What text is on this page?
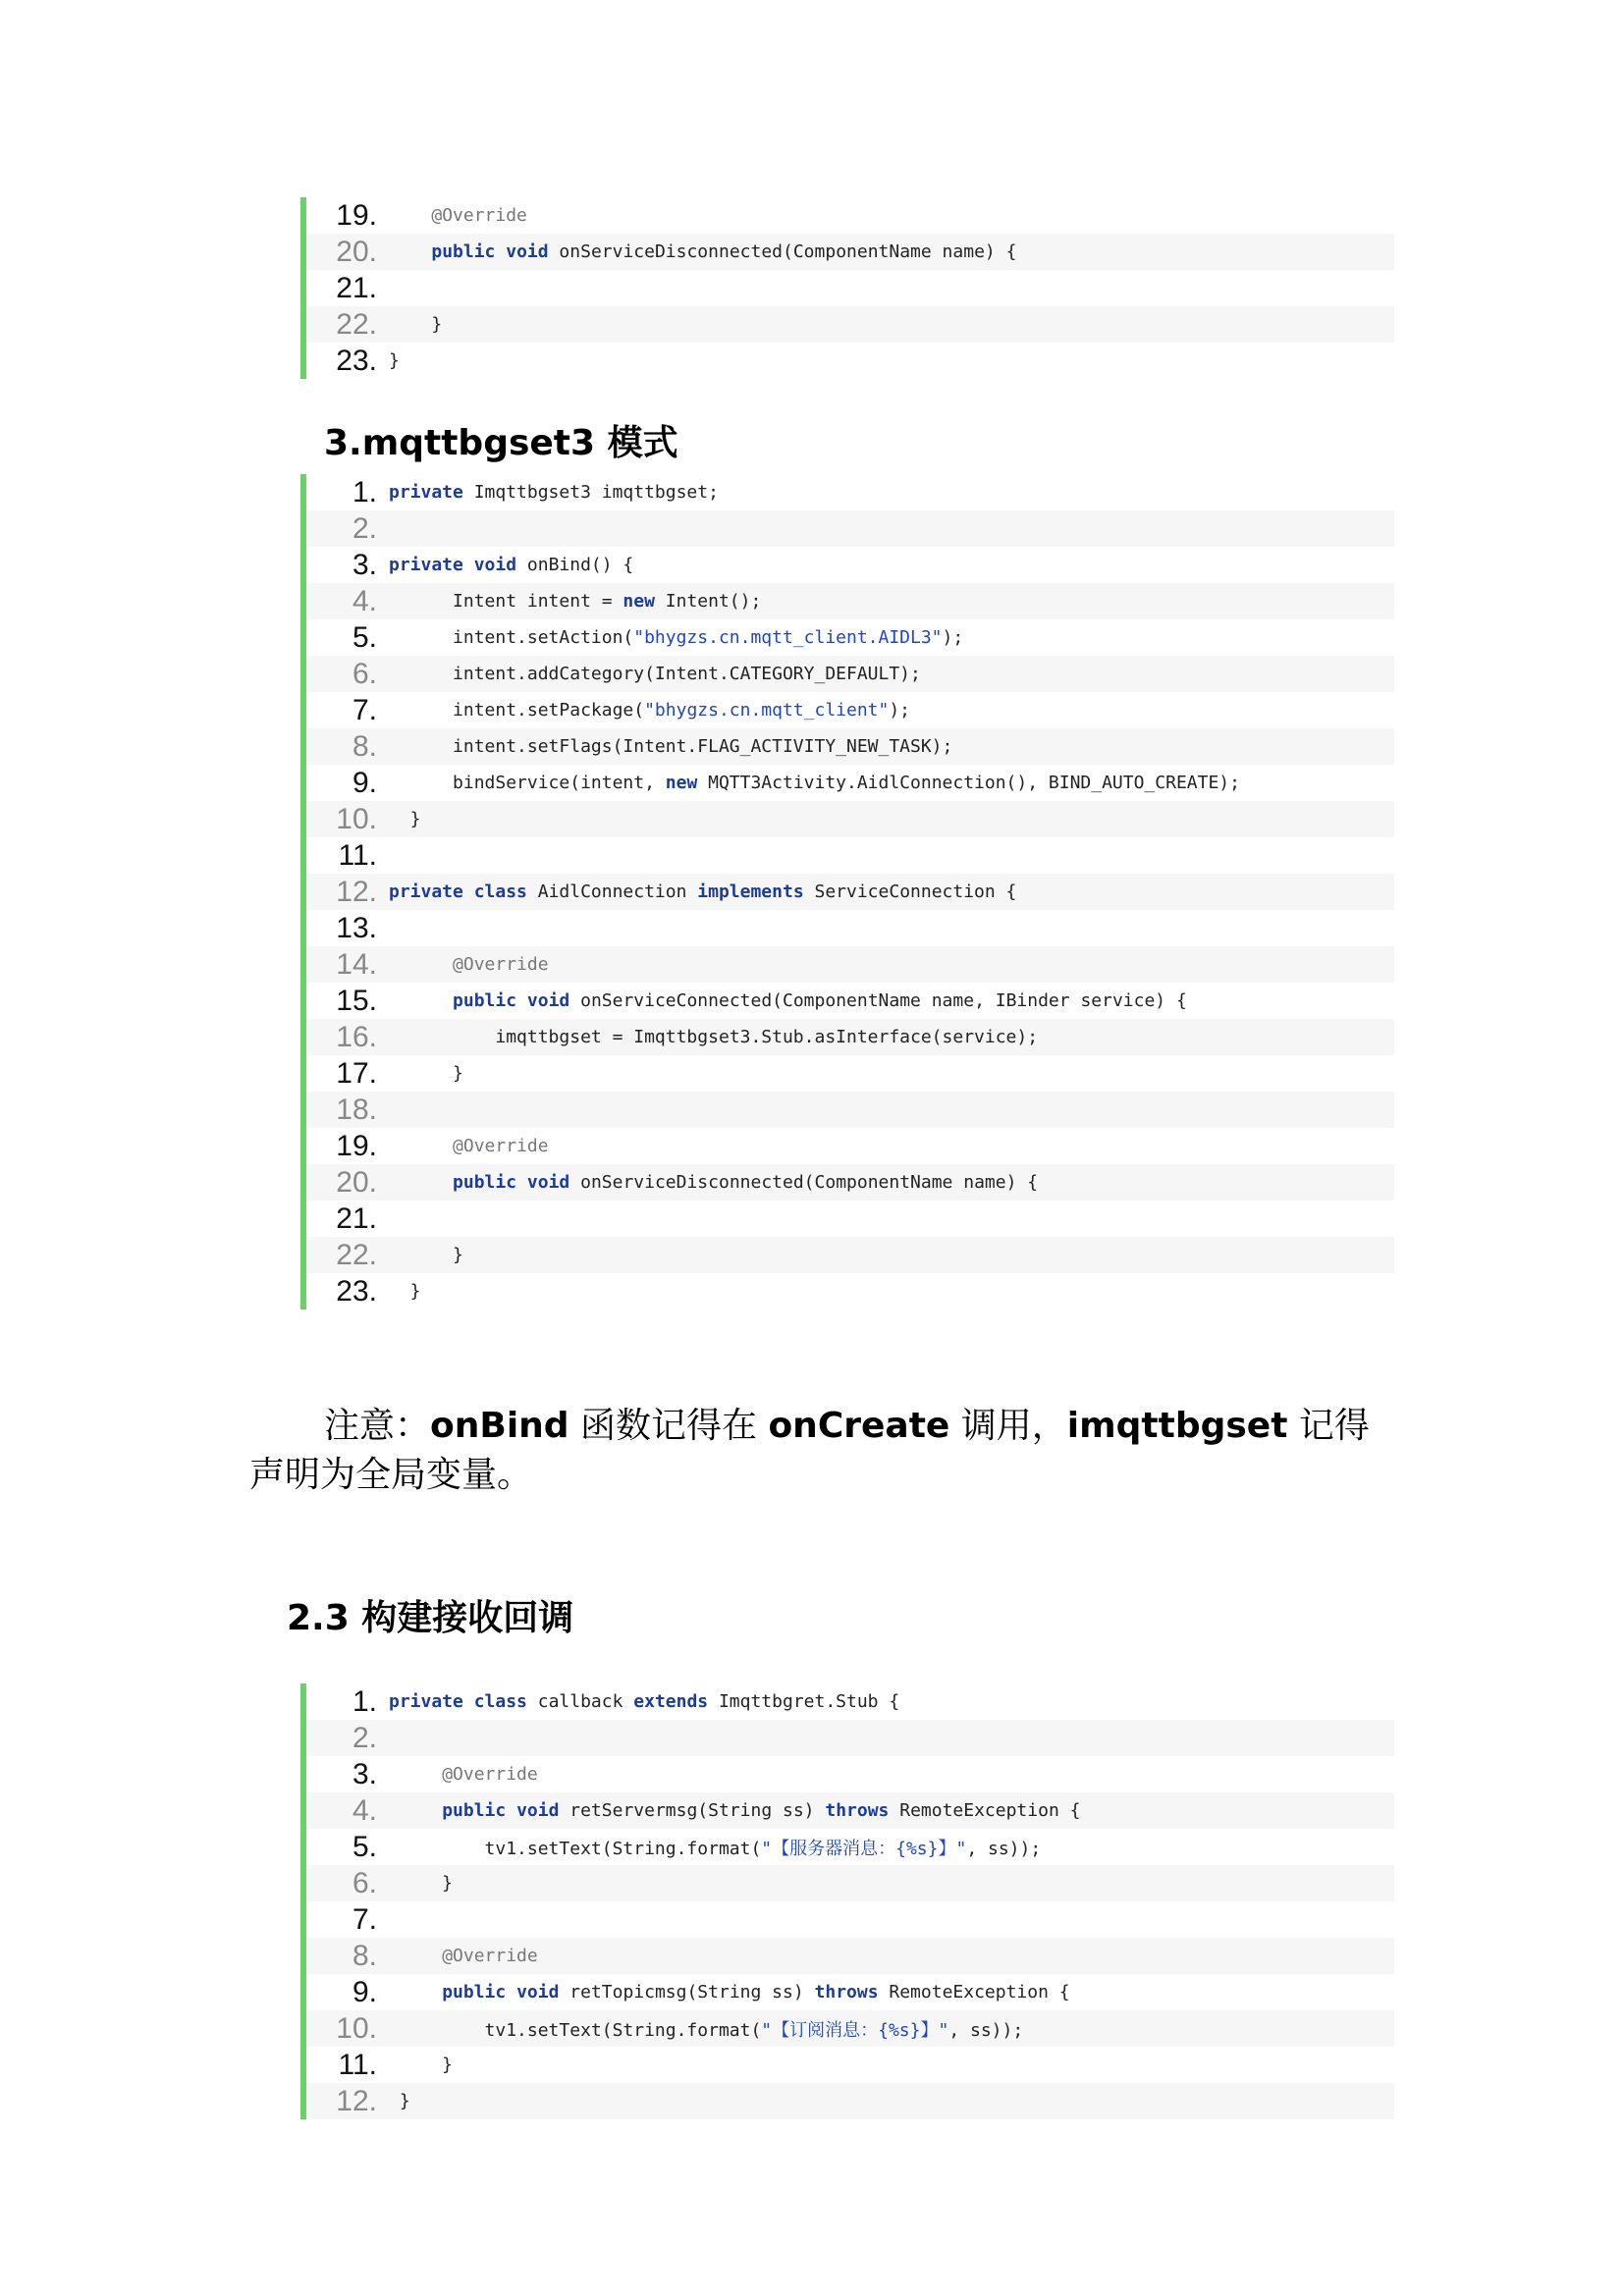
19.	@Override
20.	public void onServiceDisconnected(ComponentName name) {
21.
22. }
23. }
3.mqttbgset3 模式
1. private Imqttbgset3 imqttbgset;
2.
3. private void onBind() {
4. Intent intent = new Intent();
5. intent.setAction("bhygzs.cn.mqtt_client.AIDL3");
6. intent.addCategory(Intent.CATEGORY_DEFAULT);
7. intent.setPackage("bhygzs.cn.mqtt_client");
8. intent.setFlags(Intent.FLAG_ACTIVITY_NEW_TASK);
9. bindService(intent, new MQTT3Activity.AidlConnection(), BIND_AUTO_CREATE);
10. }
11.
12. private class AidlConnection implements ServiceConnection {
13.
14.	@Override
15.	public void onServiceConnected(ComponentName name, IBinder service) {
16. imqttbgset = Imqttbgset3.Stub.asInterface(service);
17. }
18.
19.	@Override
20.	public void onServiceDisconnected(ComponentName name) {
21.
22. }
23. }
注意：onBind 函数记得在 onCreate 调用，imqttbgset 记得声明为全局变量。
2.3 构建接收回调
1. private class callback extends Imqttbgret.Stub {
2.
3.	@Override
4.	public void retServermsg(String ss) throws RemoteException {
5. tv1.setText(String.format("【服务器消息：{%s}】", ss));
6. }
7.
8.	@Override
9.	public void retTopicmsg(String ss) throws RemoteException {
10. tv1.setText(String.format("【订阅消息：{%s}】", ss));
11. }
12. }
